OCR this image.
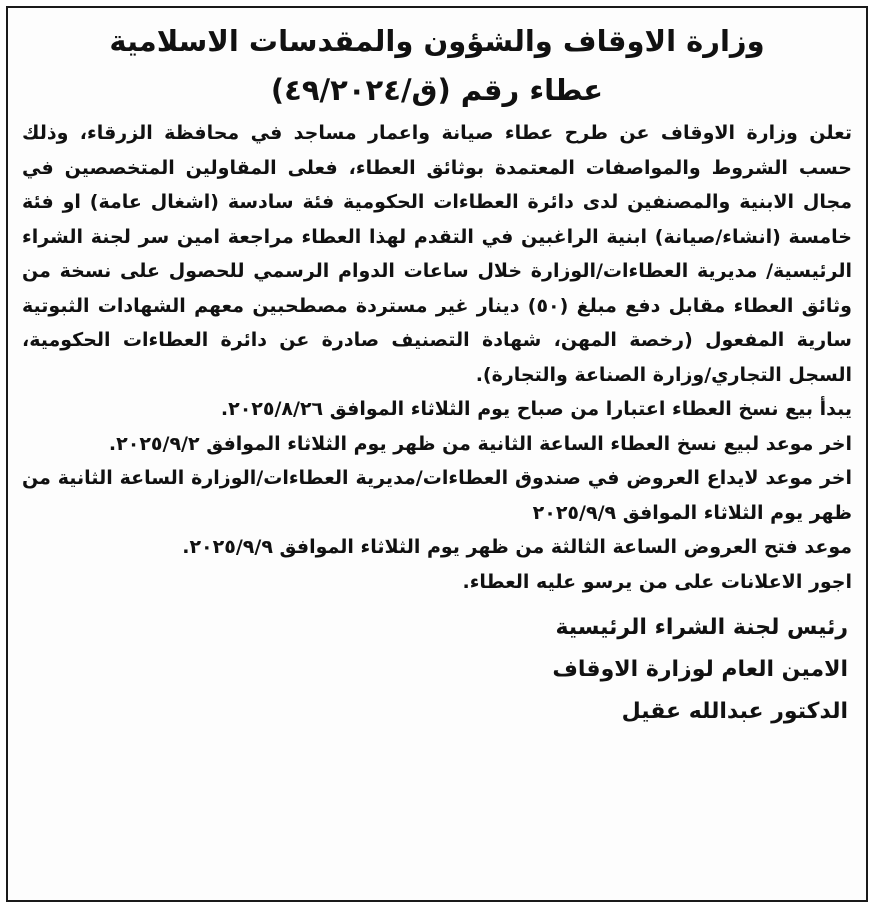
وزارة الاوقاف والشؤون والمقدسات الاسلامية
عطاء رقم (ق/٤٩/٢٠٢٤)

تعلن وزارة الاوقاف عن طرح عطاء صيانة واعمار مساجد في محافظة الزرقاء، وذلك حسب الشروط والمواصفات المعتمدة بوثائق العطاء، فعلى المقاولين المتخصصين في مجال الابنية والمصنفين لدى دائرة العطاءات الحكومية فئة سادسة (اشغال عامة) او فئة خامسة (انشاء/صيانة) ابنية الراغبين في التقدم لهذا العطاء مراجعة امين سر لجنة الشراء الرئيسية/ مديرية العطاءات/الوزارة خلال ساعات الدوام الرسمي للحصول على نسخة من وثائق العطاء مقابل دفع مبلغ (٥٠) دينار غير مستردة مصطحبين معهم الشهادات الثبوتية سارية المفعول (رخصة المهن، شهادة التصنيف صادرة عن دائرة العطاءات الحكومية، السجل التجاري/وزارة الصناعة والتجارة).

يبدأ بيع نسخ العطاء اعتبارا من صباح يوم الثلاثاء الموافق ٢٠٢٥/٨/٢٦.

اخر موعد لبيع نسخ العطاء الساعة الثانية من ظهر يوم الثلاثاء الموافق ٢٠٢٥/٩/٢.

اخر موعد لايداع العروض في صندوق العطاءات/مديرية العطاءات/الوزارة الساعة الثانية من ظهر يوم الثلاثاء الموافق ٢٠٢٥/٩/٩

موعد فتح العروض الساعة الثالثة من ظهر يوم الثلاثاء الموافق ٢٠٢٥/٩/٩.

اجور الاعلانات على من يرسو عليه العطاء.

رئيس لجنة الشراء الرئيسية
الامين العام لوزارة الاوقاف
الدكتور عبدالله عقيل
